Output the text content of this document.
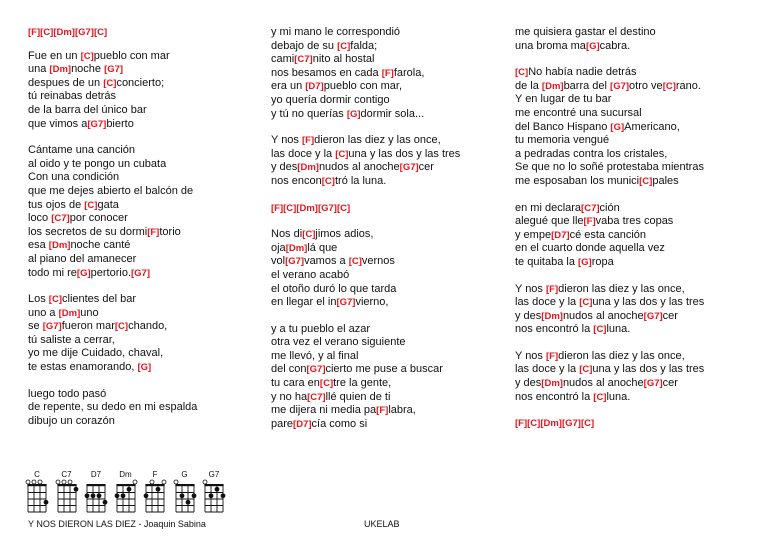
[F][C][Dm][G7][C]
Fue en un [C]pueblo con mar
una [Dm]noche [G7]
despues de un [C]concierto;
tú reinabas detrás
de la barra del único bar
que vimos a[G7]bierto
Cántame una canción
al oido y te pongo un cubata
Con una condición
que me dejes abierto el balcón de
tus ojos de [C]gata
loco [C7]por conocer
los secretos de su dormi[F]torio
esa [Dm]noche canté
al piano del amanecer
todo mi re[G]pertorio.[G7]
Los [C]clientes del bar
uno a [Dm]uno
se [G7]fueron mar[C]chando,
tú saliste a cerrar,
yo me dije Cuidado, chaval,
te estas enamorando, [G]
luego todo pasó
de repente, su dedo en mi espalda
dibujo un corazón
y mi mano le correspondió
debajo de su [C]falda;
cami[C7]nito al hostal
nos besamos en cada [F]farola,
era un [D7]pueblo con mar,
yo quería dormir contigo
y tú no querías [G]dormir sola...
Y nos [F]dieron las diez y las once,
las doce y la [C]una y las dos y las tres
y des[Dm]nudos al anoche[G7]cer
nos encon[C]tró la luna.
[F][C][Dm][G7][C]
Nos di[C]jimos adios,
oja[Dm]lá que
vol[G7]vamos a [C]vernos
el verano acabó
el otoño duró lo que tarda
en llegar el in[G7]vierno,
y a tu pueblo el azar
otra vez el verano siguiente
me llevó, y al final
del con[G7]cierto me puse a buscar
tu cara en[C]tre la gente,
y no ha[C7]llé quien de ti
me dijera ni media pa[F]labra,
pare[D7]cía como si
me quisiera gastar el destino
una broma ma[G]cabra.
[C]No había nadie detrás
de la [Dm]barra del [G7]otro ve[C]rano.
Y en lugar de tu bar
me encontré una sucursal
del Banco Hispano [G]Americano,
tu memoria vengué
a pedradas contra los cristales,
Se que no lo soñé protestaba mientras
me esposaban los munici[C]pales
en mi declara[C7]ción
alegué que lle[F]vaba tres copas
y empe[D7]cé esta canción
en el cuarto donde aquella vez
te quitaba la [G]ropa
Y nos [F]dieron las diez y las once,
las doce y la [C]una y las dos y las tres
y des[Dm]nudos al anoche[G7]cer
nos encontró la [C]luna.
Y nos [F]dieron las diez y las once,
las doce y la [C]una y las dos y las tres
y des[Dm]nudos al anoche[G7]cer
nos encontró la [C]luna.
[F][C][Dm][G7][C]
C	C7	D7	Dm	F	G	G7
Y NOS DIERON LAS DIEZ - Joaquin Sabina	UKELAB
